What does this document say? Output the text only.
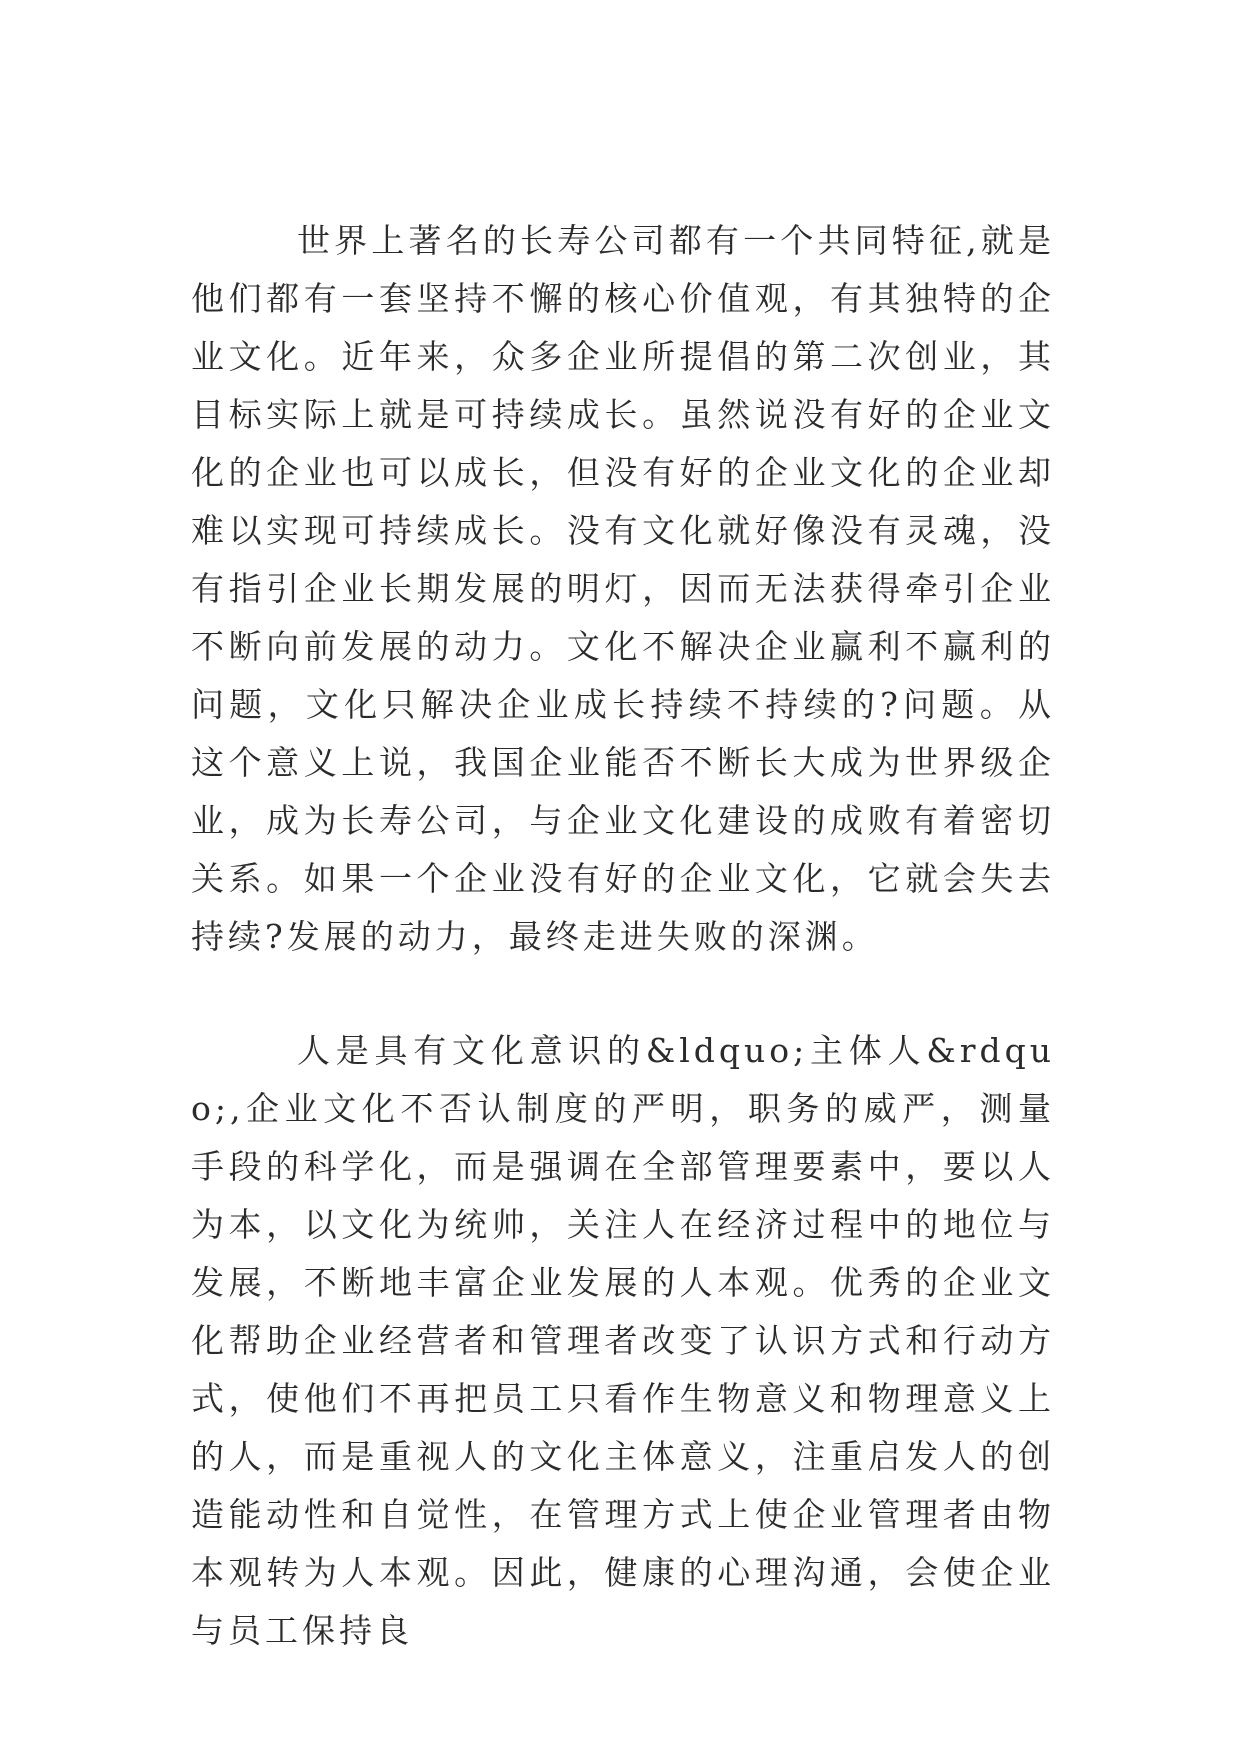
世界上著名的长寿公司都有一个共同特征,就是他们都有一套坚持不懈的核心价值观，有其独特的企业文化。近年来，众多企业所提倡的第二次创业，其目标实际上就是可持续成长。虽然说没有好的企业文化的企业也可以成长，但没有好的企业文化的企业却难以实现可持续成长。没有文化就好像没有灵魂，没有指引企业长期发展的明灯，因而无法获得牵引企业不断向前发展的动力。文化不解决企业赢利不赢利的问题，文化只解决企业成长持续不持续的?问题。从这个意义上说，我国企业能否不断长大成为世界级企业，成为长寿公司，与企业文化建设的成败有着密切关系。如果一个企业没有好的企业文化，它就会失去持续?发展的动力，最终走进失败的深渊。

人是具有文化意识的&ldquo;主体人&rdquo;,企业文化不否认制度的严明，职务的威严，测量手段的科学化，而是强调在全部管理要素中，要以人为本，以文化为统帅，关注人在经济过程中的地位与发展，不断地丰富企业发展的人本观。优秀的企业文化帮助企业经营者和管理者改变了认识方式和行动方式，使他们不再把员工只看作生物意义和物理意义上的人，而是重视人的文化主体意义，注重启发人的创造能动性和自觉性，在管理方式上使企业管理者由物本观转为人本观。因此，健康的心理沟通，会使企业与员工保持良
